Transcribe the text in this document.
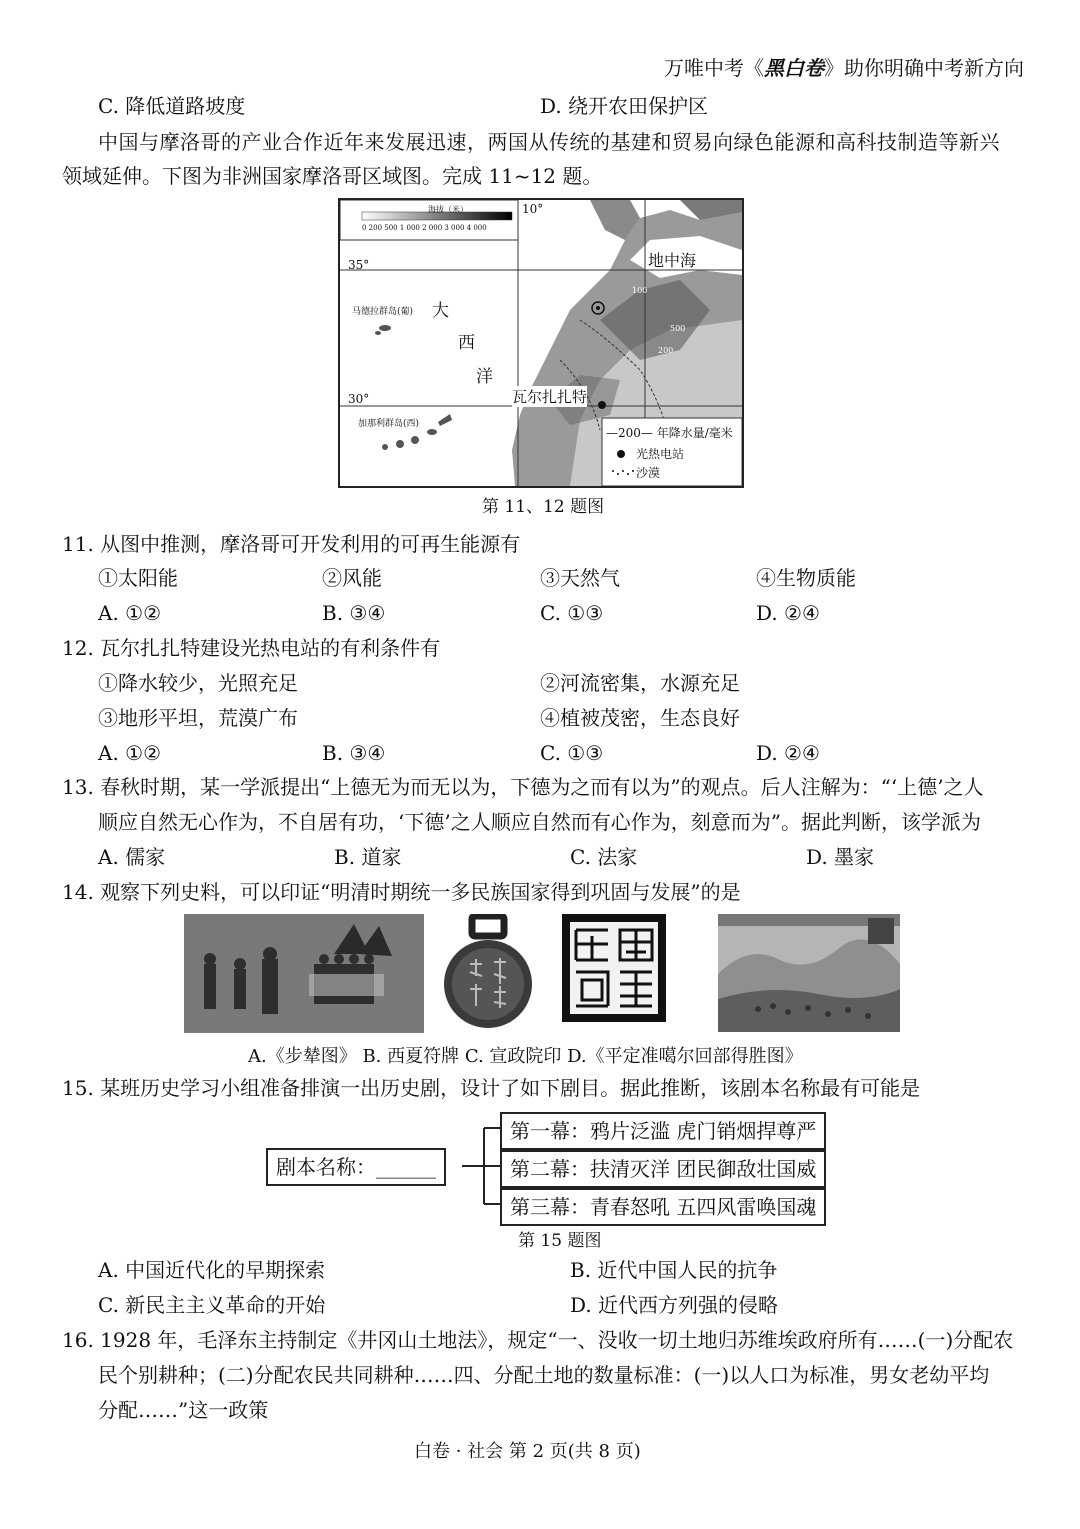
万唯中考《黑白卷》助你明确中考新方向
C. 降低道路坡度	D. 绕开农田保护区
中国与摩洛哥的产业合作近年来发展迅速，两国从传统的基建和贸易向绿色能源和高科技制造等新兴
领域延伸。下图为非洲国家摩洛哥区域图。完成 11~12 题。
海拔（米）
0 200 500 1 000 2 000 3 000 4 000
10°
35°
30°
马德拉群岛(葡)
加那利群岛(西)
大
西
洋
地中海
瓦尔扎扎特
100
500
200
—200— 年降水量/毫米
光热电站
沙漠
第 11、12 题图
11. 从图中推测，摩洛哥可开发利用的可再生能源有
①太阳能	②风能	③天然气	④生物质能
A. ①②	B. ③④	C. ①③	D. ②④
12. 瓦尔扎扎特建设光热电站的有利条件有
①降水较少，光照充足	②河流密集，水源充足
③地形平坦，荒漠广布	④植被茂密，生态良好
A. ①②	B. ③④	C. ①③	D. ②④
13. 春秋时期，某一学派提出“上德无为而无以为，下德为之而有以为”的观点。后人注解为：“‘上德’之人
顺应自然无心作为，不自居有功，‘下德’之人顺应自然而有心作为，刻意而为”。据此判断，该学派为
A. 儒家	B. 道家	C. 法家	D. 墨家
14. 观察下列史料，可以印证“明清时期统一多民族国家得到巩固与发展”的是
A.《步辇图》 B. 西夏符牌 C. 宣政院印 D.《平定准噶尔回部得胜图》
15. 某班历史学习小组准备排演一出历史剧，设计了如下剧目。据此推断，该剧本名称最有可能是
剧本名称：______
第一幕：鸦片泛滥 虎门销烟捍尊严
第二幕：扶清灭洋 团民御敌壮国威
第三幕：青春怒吼 五四风雷唤国魂
第 15 题图
A. 中国近代化的早期探索	B. 近代中国人民的抗争
C. 新民主主义革命的开始	D. 近代西方列强的侵略
16. 1928 年，毛泽东主持制定《井冈山土地法》，规定“一、没收一切土地归苏维埃政府所有……(一)分配农
民个别耕种；(二)分配农民共同耕种……四、分配土地的数量标准：(一)以人口为标准，男女老幼平均
分配……”这一政策
白卷 · 社会 第 2 页(共 8 页)
